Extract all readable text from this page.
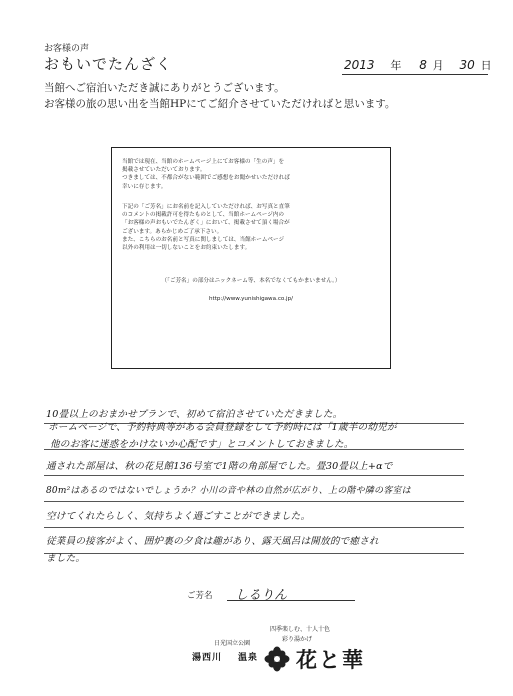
お客様の声
おもいでたんざく	2013 年 8 月 30 日
当館へご宿泊いただき誠にありがとうございます。
お客様の旅の思い出を当館HPにてご紹介させていただければと思います。
当館では現在、当館のホームページ上にてお客様の「生の声」を
掲載させていただいております。
つきましては、不都合がない範囲でご感想をお聞かせいただければ
幸いに存じます。
下記の「ご芳名」にお名前を記入していただければ、お写真と直筆
のコメントの掲載許可を得たものとして、当館ホームページ内の
「お客様の声おもいでたんざく」において、掲載させて頂く場合が
ございます。あらかじめご了承下さい。
また、こちらのお名前と写真に関しましては、当館ホームページ
以外の利用は一切しないことをお約束いたします。
（「ご芳名」の部分はニックネーム等、本名でなくてもかまいません。）
http://www.yunishigawa.co.jp/
10畳以上のおまかせプランで、初めて宿泊させていただきました。
ホームページで、予約特典等がある会員登録をして予約時には「1歳半の幼児が
他のお客に迷惑をかけないか心配です」とコメントしておきました。
通された部屋は、秋の花見館136号室で1階の角部屋でした。畳30畳以上+αで
80m²はあるのではないでしょうか？小川の音や林の自然が広がり、上の階や隣の客室は
空けてくれたらしく、気持ちよく過ごすことができました。
従業員の接客がよく、囲炉裏の夕食は趣があり、露天風呂は開放的で癒され
ました。
ご芳名 しるりん
日光国立公園
湯西川 温泉
四季楽しむ、十人十色
彩り湯かげ
花と華
